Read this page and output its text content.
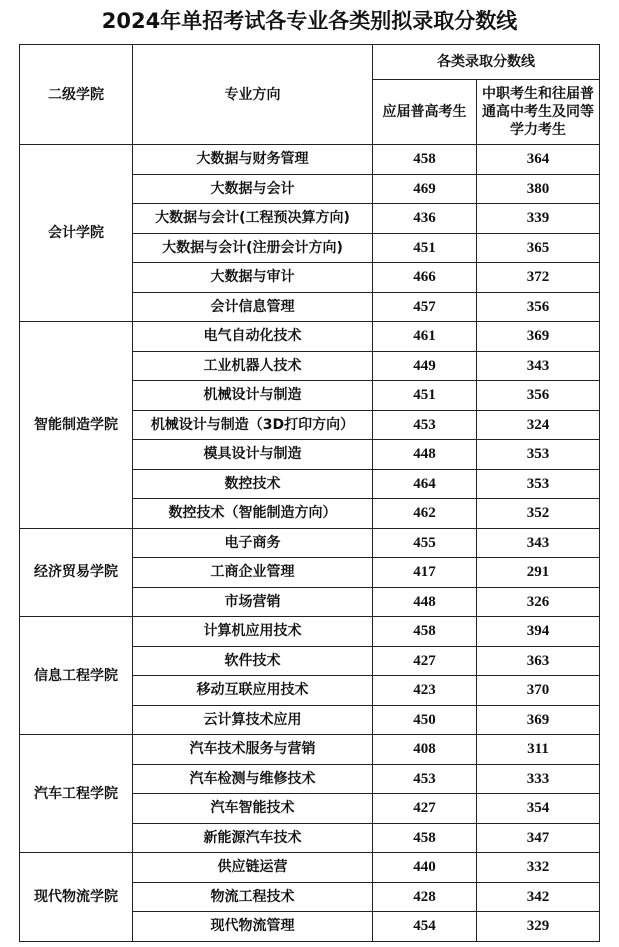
2024年单招考试各专业各类别拟录取分数线
二级学院	专业方向	各类录取分数线	
		应届普高考生	中职考生和往届普通高中考生及同等学力考生
会计学院	大数据与财务管理	458	364
	大数据与会计	469	380
	大数据与会计(工程预决算方向)	436	339
	大数据与会计(注册会计方向)	451	365
	大数据与审计	466	372
	会计信息管理	457	356
智能制造学院	电气自动化技术	461	369
	工业机器人技术	449	343
	机械设计与制造	451	356
	机械设计与制造（3D打印方向）	453	324
	模具设计与制造	448	353
	数控技术	464	353
	数控技术（智能制造方向）	462	352
经济贸易学院	电子商务	455	343
	工商企业管理	417	291
	市场营销	448	326
信息工程学院	计算机应用技术	458	394
	软件技术	427	363
	移动互联应用技术	423	370
	云计算技术应用	450	369
汽车工程学院	汽车技术服务与营销	408	311
	汽车检测与维修技术	453	333
	汽车智能技术	427	354
	新能源汽车技术	458	347
现代物流学院	供应链运营	440	332
	物流工程技术	428	342
	现代物流管理	454	329
